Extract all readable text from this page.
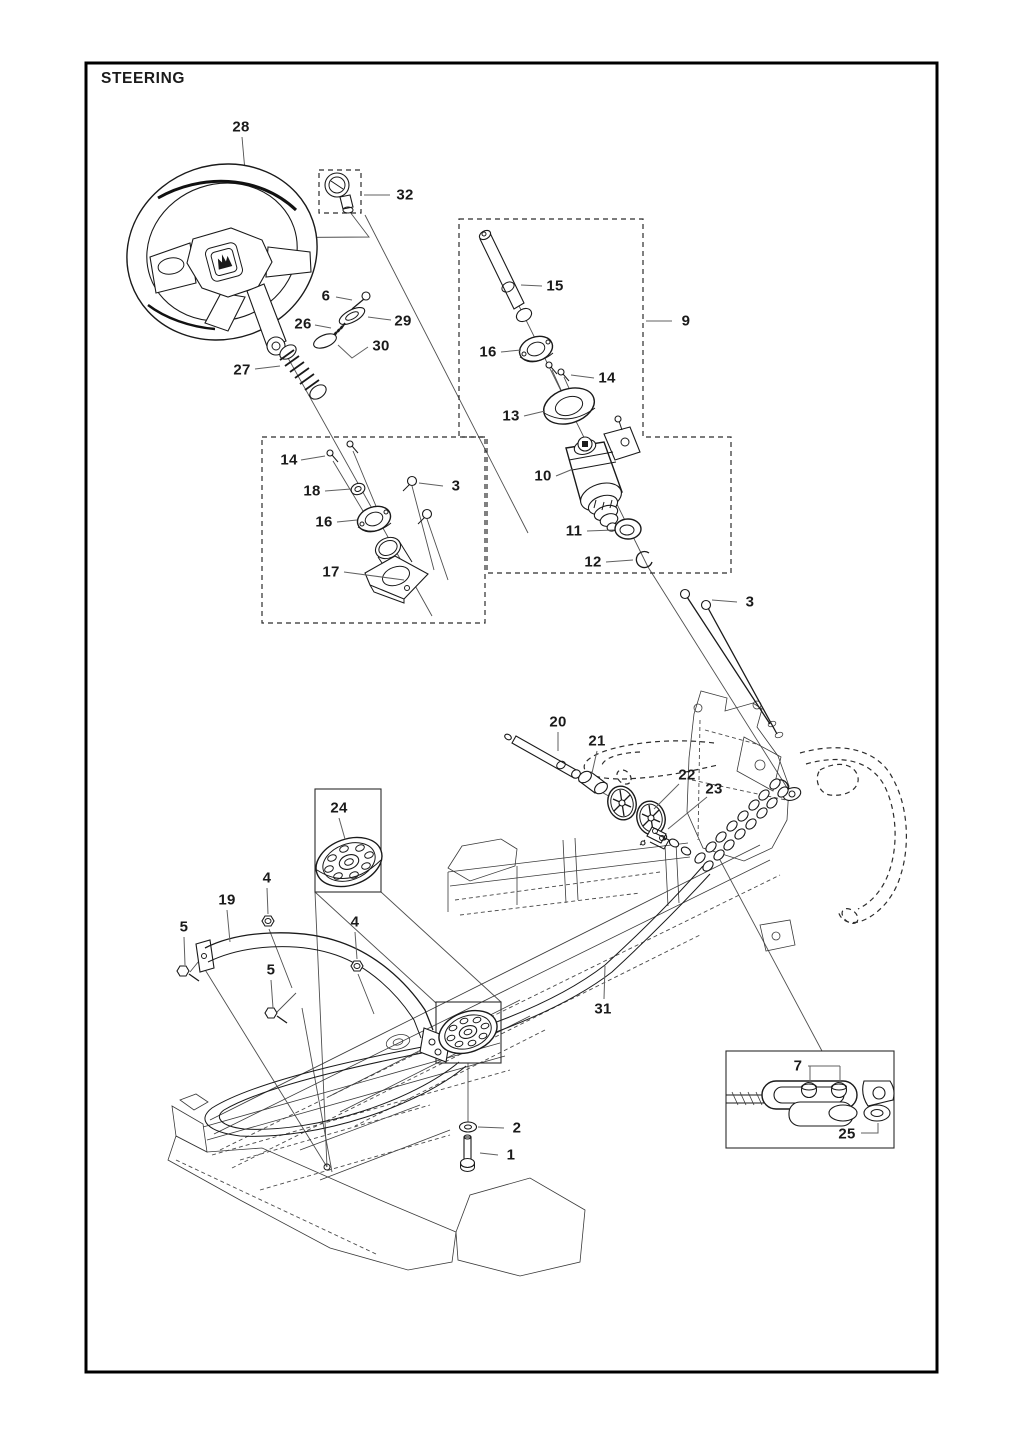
STEERING
28
32
6
29
26
30
27
15
9
16
14
13
10
11
12
14
18
16
3
17
3
20
21
22
23
24
4
19
5	4
5
31
2
1
7
25
